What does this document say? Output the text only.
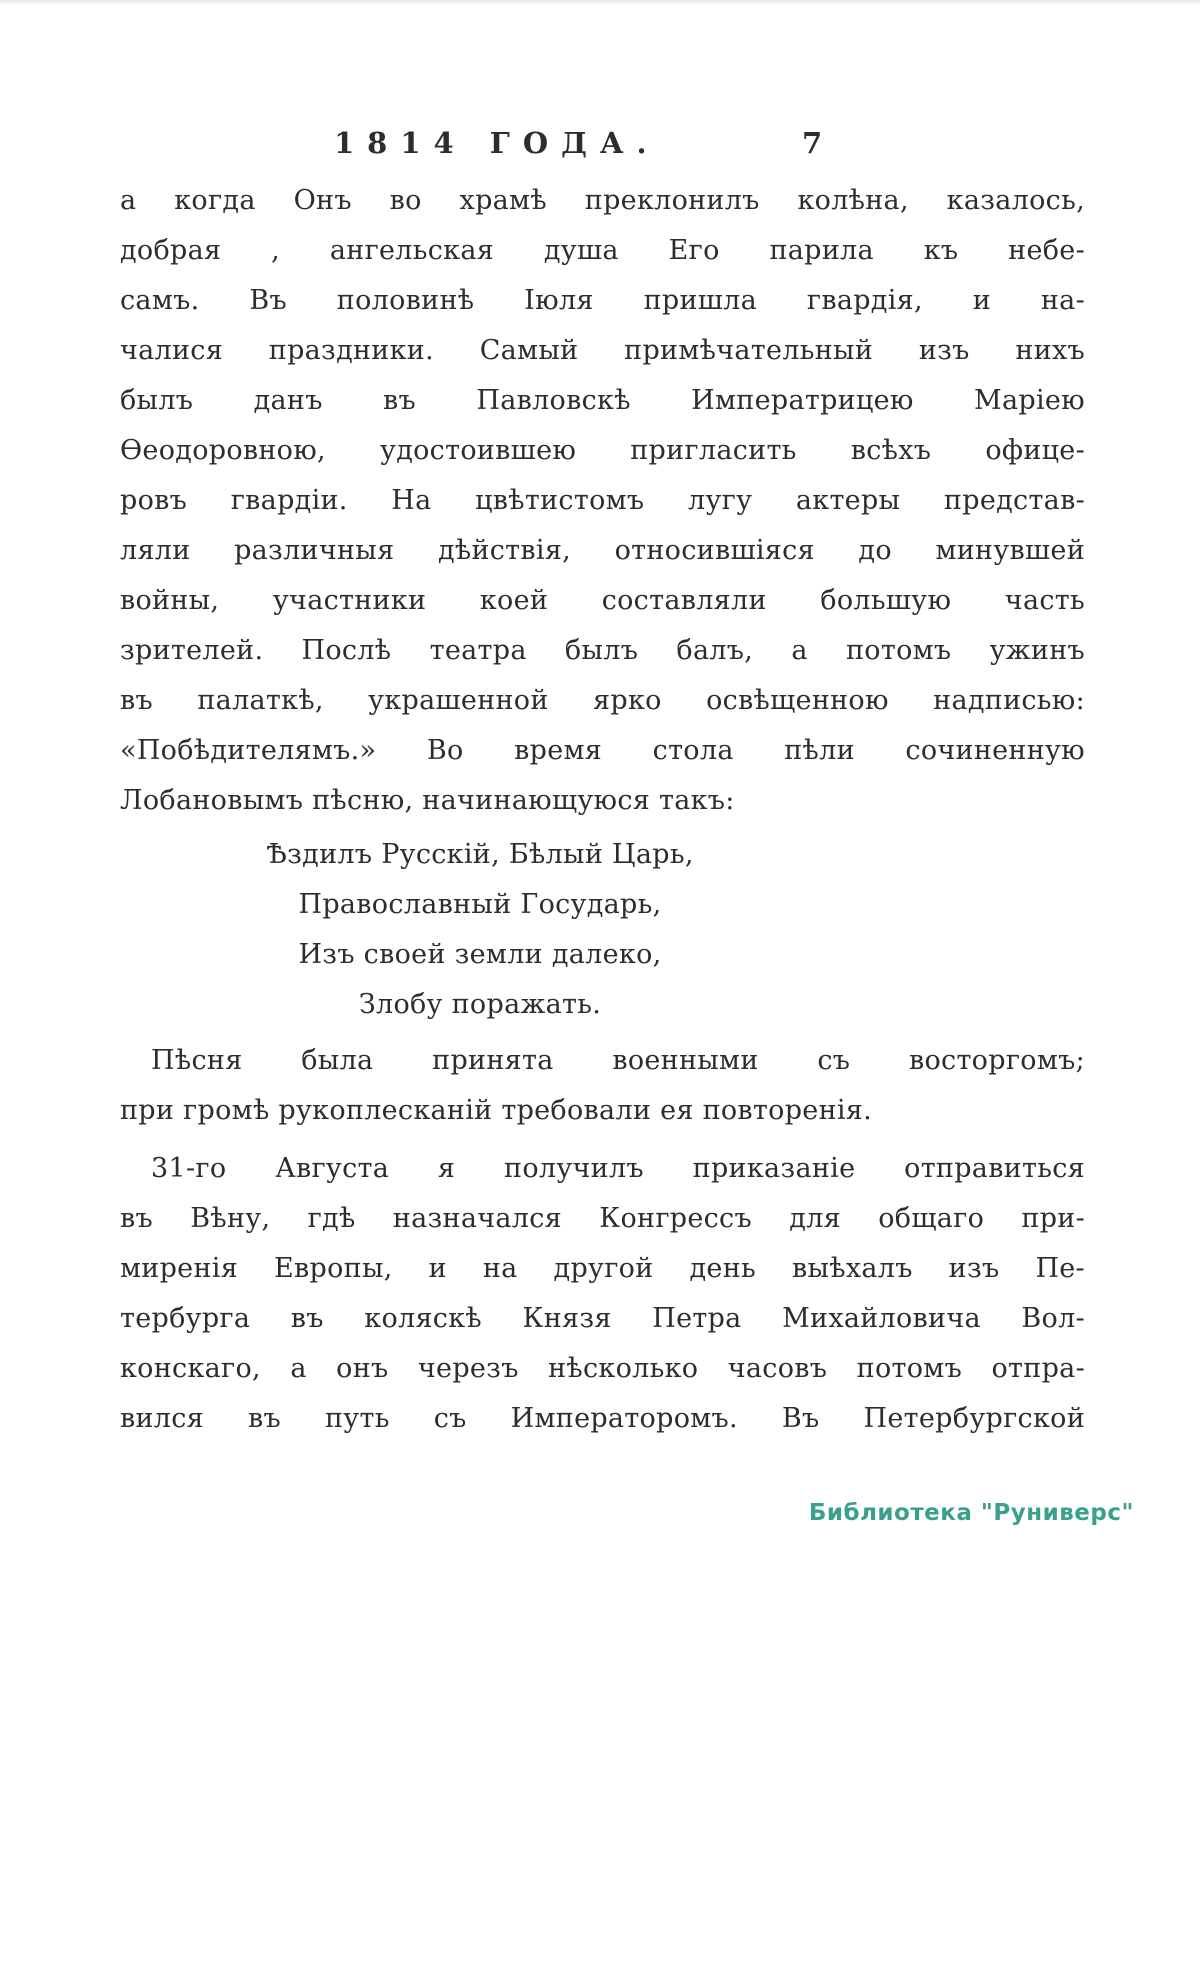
1814 ГОДА.	7
а когда Онъ во храмѣ преклонилъ колѣна, казалось,
добрая , ангельская душа Его парила къ небе-
самъ. Въ половинѣ Іюля пришла гвардія, и на-
чалися праздники. Самый примѣчательный изъ нихъ
былъ данъ въ Павловскѣ Императрицею Маріею
Ѳеодоровною, удостоившею пригласить всѣхъ офице-
ровъ гвардіи. На цвѣтистомъ лугу актеры представ-
ляли различныя дѣйствія, относившіяся до минувшей
войны, участники коей составляли большую часть
зрителей. Послѣ театра былъ балъ, а потомъ ужинъ
въ палаткѣ, украшенной ярко освѣщенною надписью:
«Побѣдителямъ.» Во время стола пѣли сочиненную
Лобановымъ пѣсню, начинающуюся такъ:
Ѣздилъ Русскій, Бѣлый Царь,
Православный Государь,
Изъ своей земли далеко,
Злобу поражать.
Пѣсня была принята военными съ восторгомъ;
при громѣ рукоплесканій требовали ея повторенія.
31-го Августа я получилъ приказаніе отправиться
въ Вѣну, гдѣ назначался Конгрессъ для общаго при-
миренія Европы, и на другой день выѣхалъ изъ Пе-
тербурга въ коляскѣ Князя Петра Михайловича Вол-
конскаго, а онъ черезъ нѣсколько часовъ потомъ отпра-
вился въ путь съ Императоромъ. Въ Петербургской
Библиотека "Руниверс"
